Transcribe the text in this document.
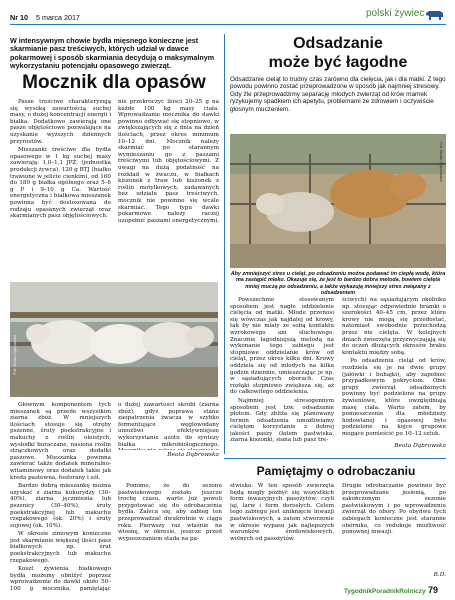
Nr 10 5 marca 2017	polski żywiec
W intensywnym chowie bydła mięsnego konieczne jest skarmianie pasz treściwych, których udział w dawce pokarmowej i sposób skarmiania decydują o maksymalnym wykorzystaniu potencjału opasowego zwierząt.
Mocznik dla opasów

Pasze treściwe charakteryzują się wysoką zawartością suchej masy, o dużej koncentracji energii i białka. Dodatkowo zawierają one pasze objętościowe pozwalające na uzyskanie wyższych dziennych przyrostów.

Mieszanki treściwe dla bydła opasowego w 1 kg suchej masy zawierają: 1,0–1,1 JPŻ, (jednostka produkcji żywca), 120 g BTJ (białko trawione w jelicie cienkim), od 160 do 180 g białka ogólnego oraz 5–6 g P i 9–10 g Ca. Wartość energetyczna i białkowa mieszanek powinna być dostosowana do rodzaju opasanych zwierząt oraz skarmianych pasz objętościowych.

nie przekroczyć ilości 20–25 g na każde 100 kg masy ciała. Wprowadzanie mocznika do dawki powinno odbywać się stopniowo, w zwiększających się z dnia na dzień ilościach, przez okres minimum 10–12 dni. Mocznik należy skarmiać po starannym wymieszaniu go z paszami treściwymi lub objętościowymi. Z uwagi na dużą podatność na rozkład w żwaczu, w białkach kiszonek z traw lub kiszonek z roślin motylkowych, zadawanych bez udziału pasz treściwych, mocznik nie powinno się wcale skarmiać. Tego typu dawki pokarmowe należy raczej uzupełnić paszami energetycznymi,

Fot. Beata Dąbrowska

Głównym komponentem tych mieszanek są przede wszystkim ziarna zbóż. W mniejszych ilościach stosuje się otręby pszenne, śruty poekstrakcyjne i makuchy z roślin oleistych, wysłodki buraczane, nasiona roślin strączkowych oraz dodatki paszowe. Mieszanka powinna zawierać także dodatek mineralno-witaminowy oraz dodatek takie jak kreda pastewna, fosforany i sól.

Bardzo dobrą mieszankę można uzyskać z ziarna kukurydzy (30–40%), ziarna jęczmienia lub pszenicy (30–40%), śruty poekstrakcyjnej lub makuchu rzepakowego (ok. 20%) i śruty sojowej (ok. 10%).

W okresie zimowym konieczne jest skarmianie większej ilości pasz białkowych np. śrut poekstrakcyjnych lub makuchu rzepakowego.

Koszt żywienia białkowego bydła możemy obniżyć poprzez wprowadzenie do dawki około 50–100 g mocznika, pamiętając

o dużej zawartości skrobi (ziarna zbóż), gdyż poprawa stanu zaopatrzenia żwacza w szybko fermentujące węglowodany umożliwi efektywniejsze wykorzystanie azotu do syntezy białka mikrobiologicznego.

Beata Dąbrowska
Odsadzanie
może być łagodne
Odsadzanie cieląt to trudny czas zarówno dla cielęcia, jak i dla matki. Z tego powodu powinno zostać przeprowadzone w sposób jak najmniej stresowy. Gdy źle przeprowadzimy separację młodych zwierząt od krów mamek ryzykujemy spadkiem ich apetytu, problemami ze zdrowiem i oczywiście głosnym muczeniem.
Fot. Beata Dąbrowska
Aby zmniejszyć stres u cieląt, po odsadzeniu można podawać im ciepłą wodę, która ma zastąpić mleko. Okazuje się, że jest to bardzo dobra metoda, bowiem cielęta mniej muczą po odsadzeniu, a także wykazują mniejszy stres związany z odsadzeniem

Powszechnie stosowanym sposobem jest nagłe oddzielenie cielęcia od matki. Młode przenosi się wówczas jak najdalej od krowy, tak by nie miały ze sobą kontaktu wzrokowego ani słuchowego. Znacznie łagodniejszą metodą na wykonanie tego zabiegu jest stopniowe oddzielanie krów od cieląt, przez okres kilku dni. Krowy oddziela się od młodych na kilka godzin dziennie, umieszczając je np. w sąsiadujących oborach. Czas rozłąki stopniowo zwiększa się, aż do całkowitego oddzielenia.

Najmniej stresogennym sposobem jest tzw. odsadzanie płotem. Gdy zbliża się planowany termin odsadzenia umożliwiamy cielętom korzystanie z dobrej jakości paszy (łatem pastwiska, ziarna kiszonki, siana lub pasz tre-

ściwych) na sąsiadującym okólniku np. stosując odpowiednie bramki o szerokości 40–45 cm, przez które krowy nie mogą się przedostać, natomiast swobodnie przechodzą przez nie cielęta. W kolejnych dniach zwierzęta przyzwyczajają się do oczeń dłużących okresów braku kontaktu między sobą.

Po odsadzeniu cieląt od krów, rozdziela się je na dwie grupy (jałówki i buhajki), aby zapobiec przypadkowym pokryciom. Obie grupy zwierząt odsadzonych powinny być podzielone na grupy żywieniowe, które uwzględniają masę ciała. Warto zatem, by pomieszczenie dla młodzieży hodowlanej i opasowej było podzielone na kojce grupowe mogące pomieścić po 10–12 sztuk.

Beata Dąbrowska
Pamiętajmy o odrobaczaniu

Pomimo, że do sezonu pastwiskowego zostało jeszcze trochę czasu, warto już powoli przygotować się do odrobaczenia bydła. Zaleca się, aby zabieg ten przeprowadzać dwukrotnie w ciągu roku. Pierwszy raz właśnie na wiosnę, w okresie, jeszcze przed wypuszczaniem stada na pa-

stwisko. W ten sposób zwierzęta będą mogły pozbyć się wszystkich form inwazyjnych pasożytów, czyli jaj, larw i form dorosłych. Celem tego zabiegu jest uniknięcie inwazji pastwiskowych, a zatem stworzenie w okresie wypasu jak najlepszych warunków środowiskowych, wolnych od pasożytów.

Drugie odrobaczanie powinno być przeprowadzane jesienią, po zakończonym sezonie pastwiskowym i po wprowadzeniu zwierząt do obory. Po obydwu tych zabiegach konieczne jest staranne obornika, co redukuje możliwość ponownej inwazji.

B.D.
TygodnikPoradnikRolniczy 79
